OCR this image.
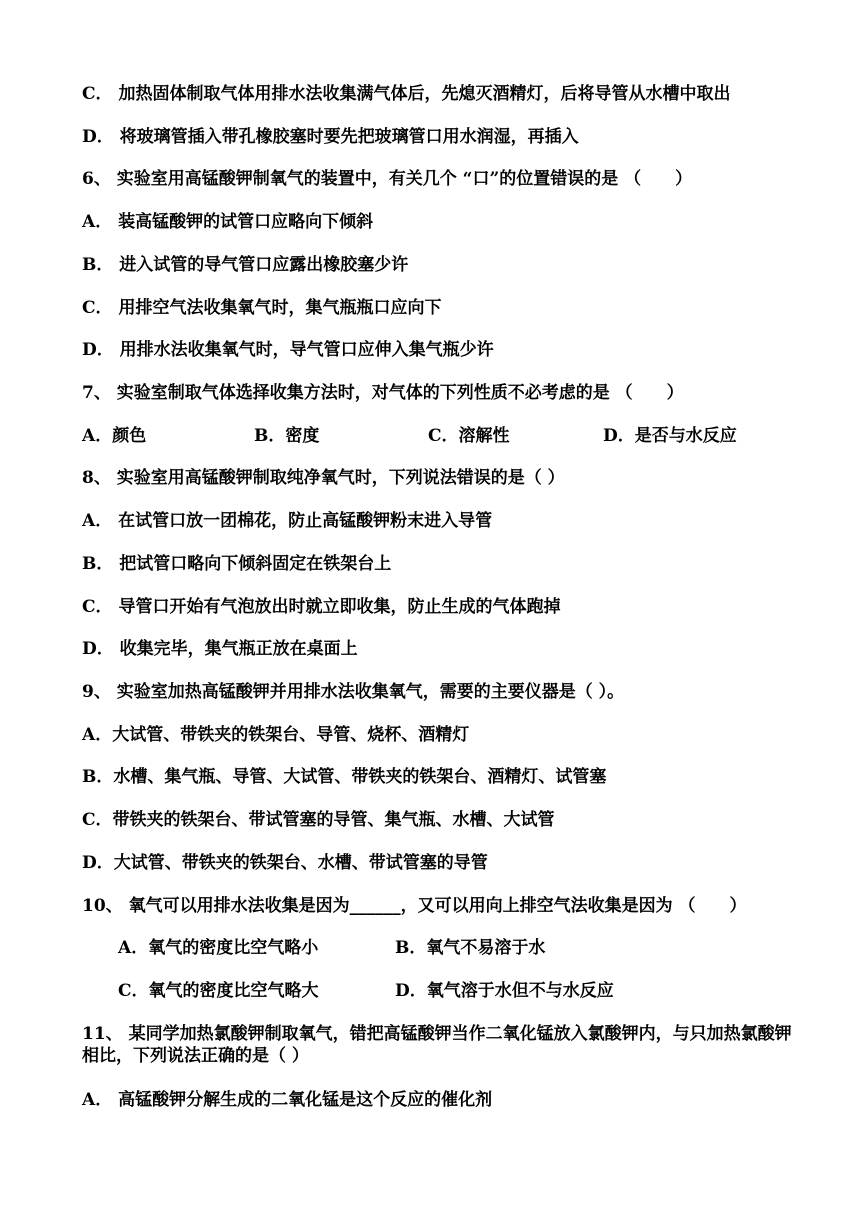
C． 加热固体制取气体用排水法收集满气体后，先熄灭酒精灯，后将导管从水槽中取出
D． 将玻璃管插入带孔橡胶塞时要先把玻璃管口用水润湿，再插入
6、 实验室用高锰酸钾制氧气的装置中，有关几个 “口”的位置错误的是 （　　）
A． 装高锰酸钾的试管口应略向下倾斜
B． 进入试管的导气管口应露出橡胶塞少许
C． 用排空气法收集氧气时，集气瓶瓶口应向下
D． 用排水法收集氧气时，导气管口应伸入集气瓶少许
7、 实验室制取气体选择收集方法时，对气体的下列性质不必考虑的是 （　　）
A．颜色	B．密度	C．溶解性	D．是否与水反应
8、 实验室用高锰酸钾制取纯净氧气时，下列说法错误的是（ ）
A． 在试管口放一团棉花，防止高锰酸钾粉末进入导管
B． 把试管口略向下倾斜固定在铁架台上
C． 导管口开始有气泡放出时就立即收集，防止生成的气体跑掉
D． 收集完毕，集气瓶正放在桌面上
9、 实验室加热高锰酸钾并用排水法收集氧气，需要的主要仪器是（ ）。
A．大试管、带铁夹的铁架台、导管、烧杯、酒精灯
B．水槽、集气瓶、导管、大试管、带铁夹的铁架台、酒精灯、试管塞
C．带铁夹的铁架台、带试管塞的导管、集气瓶、水槽、大试管
D．大试管、带铁夹的铁架台、水槽、带试管塞的导管
10、 氧气可以用排水法收集是因为______，又可以用向上排空气法收集是因为 （　　）
A．氧气的密度比空气略小	B．氧气不易溶于水
C．氧气的密度比空气略大	D．氧气溶于水但不与水反应
11、 某同学加热氯酸钾制取氧气，错把高锰酸钾当作二氧化锰放入氯酸钾内，与只加热氯酸钾相比，下列说法正确的是（ ）
A． 高锰酸钾分解生成的二氧化锰是这个反应的催化剂
